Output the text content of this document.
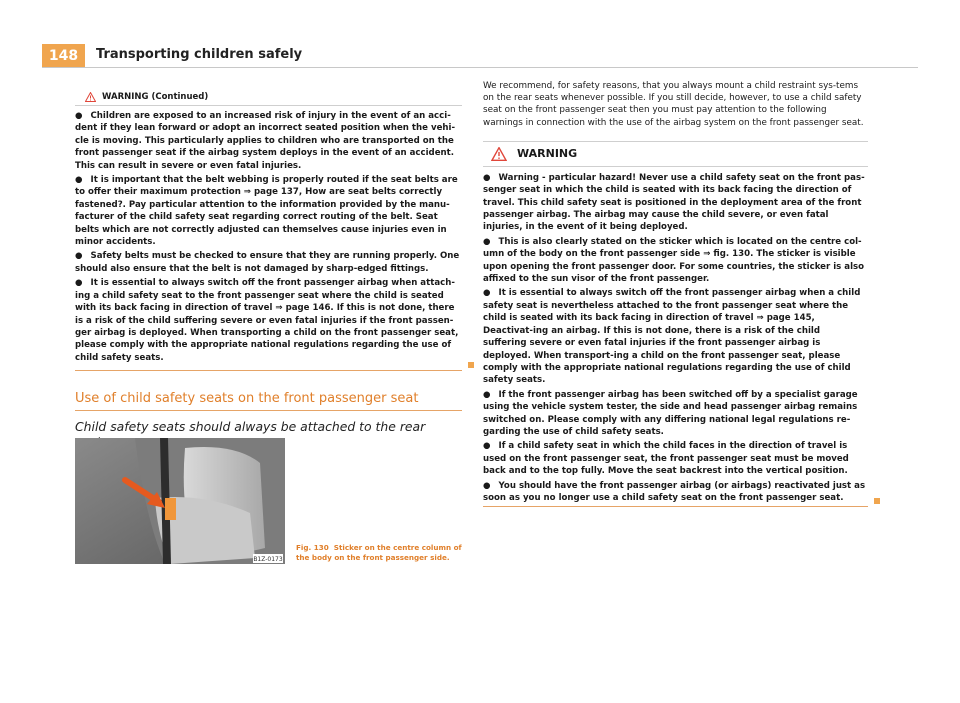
148	Transporting children safely
WARNING (Continued)

● Children are exposed to an increased risk of injury in the event of an acci-dent if they lean forward or adopt an incorrect seated position when the vehi-cle is moving. This particularly applies to children who are transported on the front passenger seat if the airbag system deploys in the event of an accident. This can result in severe or even fatal injuries.

● It is important that the belt webbing is properly routed if the seat belts are to offer their maximum protection ⇒ page 137, How are seat belts correctly fastened?. Pay particular attention to the information provided by the manu-facturer of the child safety seat regarding correct routing of the belt. Seat belts which are not correctly adjusted can themselves cause injuries even in minor accidents.

● Safety belts must be checked to ensure that they are running properly. One should also ensure that the belt is not damaged by sharp-edged fittings.

● It is essential to always switch off the front passenger airbag when attach-ing a child safety seat to the front passenger seat where the child is seated with its back facing in direction of travel ⇒ page 146. If this is not done, there is a risk of the child suffering severe or even fatal injuries if the front passen-ger airbag is deployed. When transporting a child on the front passenger seat, please comply with the appropriate national regulations regarding the use of child safety seats.

Use of child safety seats on the front passenger seat
Child safety seats should always be attached to the rear
B1Z-0173
Fig. 130 Sticker on the centre column of the body on the front passenger side.
We recommend, for safety reasons, that you always mount a child restraint sys-tems on the rear seats whenever possible. If you still decide, however, to use a child safety seat on the front passenger seat then you must pay attention to the following warnings in connection with the use of the airbag system on the front passenger seat.
WARNING

● Warning - particular hazard! Never use a child safety seat on the front pas-senger seat in which the child is seated with its back facing the direction of travel. This child safety seat is positioned in the deployment area of the front passenger airbag. The airbag may cause the child severe, or even fatal injuries, in the event of it being deployed.

● This is also clearly stated on the sticker which is located on the centre col-umn of the body on the front passenger side ⇒ fig. 130. The sticker is visible upon opening the front passenger door. For some countries, the sticker is also affixed to the sun visor of the front passenger.

● It is essential to always switch off the front passenger airbag when a child safety seat is nevertheless attached to the front passenger seat where the child is seated with its back facing in direction of travel ⇒ page 145, Deactivat-ing an airbag. If this is not done, there is a risk of the child suffering severe or even fatal injuries if the front passenger airbag is deployed. When transport-ing a child on the front passenger seat, please comply with the appropriate national regulations regarding the use of child safety seats.

● If the front passenger airbag has been switched off by a specialist garage using the vehicle system tester, the side and head passenger airbag remains switched on. Please comply with any differing national legal regulations re-garding the use of child safety seats.

● If a child safety seat in which the child faces in the direction of travel is used on the front passenger seat, the front passenger seat must be moved back and to the top fully. Move the seat backrest into the vertical position.

● You should have the front passenger airbag (or airbags) reactivated just as soon as you no longer use a child safety seat on the front passenger seat.
